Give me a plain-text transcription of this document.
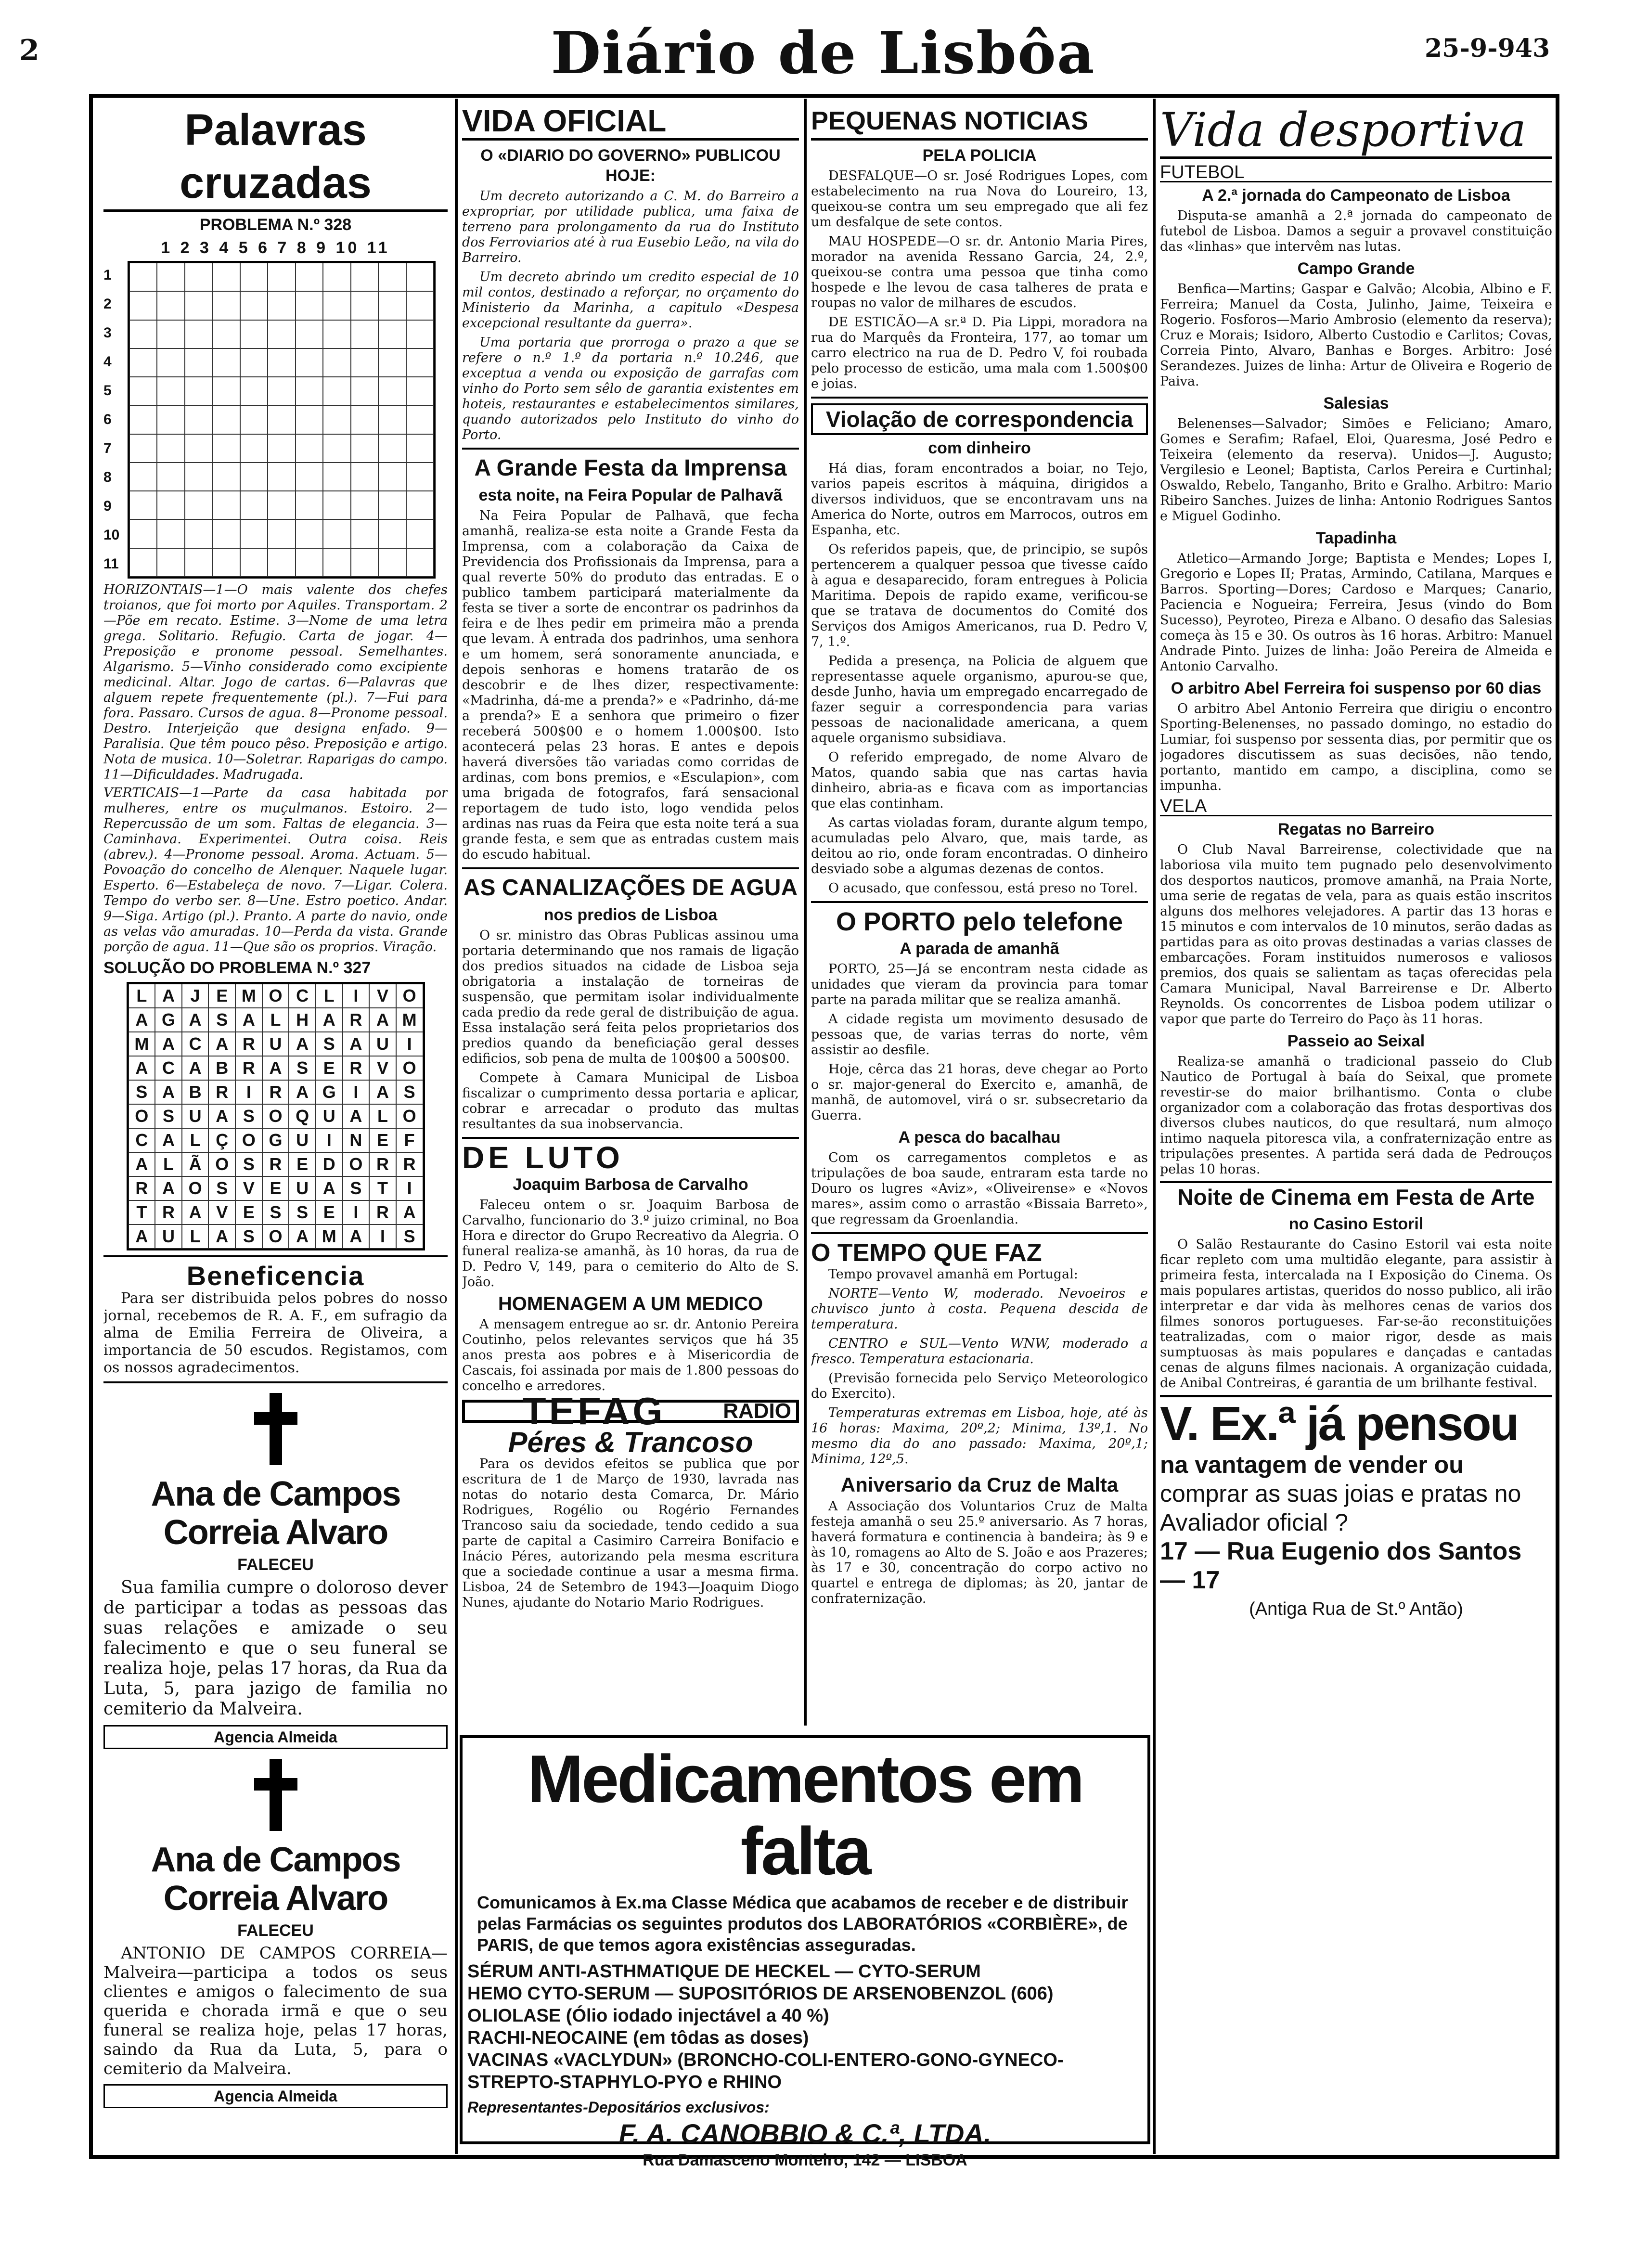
2	Diário de Lisbôa	25-9-943
Palavras cruzadas
PROBLEMA N.º 328
1 2 3 4 5 6 7 8 9 10 11
1
2
3
4
5
6
7
8
9
10
11
HORIZONTAIS—1—O mais valente dos chefes troianos, que foi morto por Aquiles. Transportam. 2—Põe em recato. Estime. 3—Nome de uma letra grega. Solitario. Refugio. Carta de jogar. 4—Preposição e pronome pessoal. Semelhantes. Algarismo. 5—Vinho considerado como excipiente medicinal. Altar. Jogo de cartas. 6—Palavras que alguem repete frequentemente (pl.). 7—Fui para fora. Passaro. Cursos de agua. 8—Pronome pessoal. Destro. Interjeição que designa enfado. 9—Paralisia. Que têm pouco pêso. Preposição e artigo. Nota de musica. 10—Soletrar. Raparigas do campo. 11—Dificuldades. Madrugada.
VERTICAIS—1—Parte da casa habitada por mulheres, entre os muçulmanos. Estoiro. 2—Repercussão de um som. Faltas de elegancia. 3—Caminhava. Experimentei. Outra coisa. Reis (abrev.). 4—Pronome pessoal. Aroma. Actuam. 5—Povoação do concelho de Alenquer. Naquele lugar. Esperto. 6—Estabeleça de novo. 7—Ligar. Colera. Tempo do verbo ser. 8—Une. Estro poetico. Andar. 9—Siga. Artigo (pl.). Pranto. A parte do navio, onde as velas vão amuradas. 10—Perda da vista. Grande porção de agua. 11—Que são os proprios. Viração.
SOLUÇÃO DO PROBLEMA N.º 327
L A J E M O C L	I	V O
A G A S A L H A R A M
M A C A R U A S A U	I
A C A B R A S E R V O
S A B R	I	R A G	I	A S
O S U A S O Q U A L O
C A L Ç O G U	I	N E F
A L Ã O S R E D O R R
R A O S V E U A S T	I
T R A V E S S E	I	R A
A U L A S O A M A	I	S
Beneficencia

Para ser distribuida pelos pobres do nosso jornal, recebemos de R. A. F., em sufragio da alma de Emilia Ferreira de Oliveira, a importancia de 50 escudos. Registamos, com os nossos agradecimentos.

Ana de Campos Correia Alvaro
FALECEU

Sua familia cumpre o doloroso dever de participar a todas as pessoas das suas relações e amizade o seu falecimento e que o seu funeral se realiza hoje, pelas 17 horas, da Rua da Luta, 5, para jazigo de familia no cemiterio da Malveira.

Agencia Almeida
Ana de Campos Correia Alvaro
FALECEU

ANTONIO DE CAMPOS CORREIA—Malveira—participa a todos os seus clientes e amigos o falecimento de sua querida e chorada irmã e que o seu funeral se realiza hoje, pelas 17 horas, saindo da Rua da Luta, 5, para o cemiterio da Malveira.

Agencia Almeida
VIDA OFICIAL
O «DIARIO DO GOVERNO» PUBLICOU HOJE:

Um decreto autorizando a C. M. do Barreiro a expropriar, por utilidade publica, uma faixa de terreno para prolongamento da rua do Instituto dos Ferroviarios até à rua Eusebio Leão, na vila do Barreiro.

Um decreto abrindo um credito especial de 10 mil contos, destinado a reforçar, no orçamento do Ministerio da Marinha, a capitulo «Despesa excepcional resultante da guerra».

Uma portaria que prorroga o prazo a que se refere o n.º 1.º da portaria n.º 10.246, que exceptua a venda ou exposição de garrafas com vinho do Porto sem sêlo de garantia existentes em hoteis, restaurantes e estabelecimentos similares, quando autorizados pelo Instituto do vinho do Porto.

A Grande Festa da Imprensa
esta noite, na Feira Popular de Palhavã

Na Feira Popular de Palhavã, que fecha amanhã, realiza-se esta noite a Grande Festa da Imprensa, com a colaboração da Caixa de Previdencia dos Profissionais da Imprensa, para a qual reverte 50% do produto das entradas. E o publico tambem participará materialmente da festa se tiver a sorte de encontrar os padrinhos da feira e de lhes pedir em primeira mão a prenda que levam. À entrada dos padrinhos, uma senhora e um homem, será sonoramente anunciada, e depois senhoras e homens tratarão de os descobrir e de lhes dizer, respectivamente: «Madrinha, dá-me a prenda?» e «Padrinho, dá-me a prenda?» E a senhora que primeiro o fizer receberá 500$00 e o homem 1.000$00. Isto acontecerá pelas 23 horas. E antes e depois haverá diversões tão variadas como corridas de ardinas, com bons premios, e «Esculapion», com uma brigada de fotografos, fará sensacional reportagem de tudo isto, logo vendida pelos ardinas nas ruas da Feira que esta noite terá a sua grande festa, e sem que as entradas custem mais do escudo habitual.

AS CANALIZAÇÕES DE AGUA
nos predios de Lisboa

O sr. ministro das Obras Publicas assinou uma portaria determinando que nos ramais de ligação dos predios situados na cidade de Lisboa seja obrigatoria a instalação de torneiras de suspensão, que permitam isolar individualmente cada predio da rede geral de distribuição de agua. Essa instalação será feita pelos proprietarios dos predios quando da beneficiação geral desses edificios, sob pena de multa de 100$00 a 500$00.

Compete à Camara Municipal de Lisboa fiscalizar o cumprimento dessa portaria e aplicar, cobrar e arrecadar o produto das multas resultantes da sua inobservancia.

DE LUTO
Joaquim Barbosa de Carvalho

Faleceu ontem o sr. Joaquim Barbosa de Carvalho, funcionario do 3.º juizo criminal, no Boa Hora e director do Grupo Recreativo da Alegria. O funeral realiza-se amanhã, às 10 horas, da rua de D. Pedro V, 149, para o cemiterio do Alto de S. João.

HOMENAGEM A UM MEDICO

A mensagem entregue ao sr. dr. Antonio Pereira Coutinho, pelos relevantes serviços que há 35 anos presta aos pobres e à Misericordia de Cascais, foi assinada por mais de 1.800 pessoas do concelho e arredores.

TEFAG	RADIO
Péres & Trancoso

Para os devidos efeitos se publica que por escritura de 1 de Março de 1930, lavrada nas notas do notario desta Comarca, Dr. Mário Rodrigues, Rogélio ou Rogério Fernandes Trancoso saiu da sociedade, tendo cedido a sua parte de capital a Casimiro Carreira Bonifacio e Inácio Péres, autorizando pela mesma escritura que a sociedade continue a usar a mesma firma. Lisboa, 24 de Setembro de 1943—Joaquim Diogo Nunes, ajudante do Notario Mario Rodrigues.

PEQUENAS NOTICIAS
PELA POLICIA

DESFALQUE—O sr. José Rodrigues Lopes, com estabelecimento na rua Nova do Loureiro, 13, queixou-se contra um seu empregado que ali fez um desfalque de sete contos.

MAU HOSPEDE—O sr. dr. Antonio Maria Pires, morador na avenida Ressano Garcia, 24, 2.º, queixou-se contra uma pessoa que tinha como hospede e lhe levou de casa talheres de prata e roupas no valor de milhares de escudos.

DE ESTICÃO—A sr.ª D. Pia Lippi, moradora na rua do Marquês da Fronteira, 177, ao tomar um carro electrico na rua de D. Pedro V, foi roubada pelo processo de esticão, uma mala com 1.500$00 e joias.

Violação de correspondencia
com dinheiro

Há dias, foram encontrados a boiar, no Tejo, varios papeis escritos à máquina, dirigidos a diversos individuos, que se encontravam uns na America do Norte, outros em Marrocos, outros em Espanha, etc.

Os referidos papeis, que, de principio, se supôs pertencerem a qualquer pessoa que tivesse caído à agua e desaparecido, foram entregues à Policia Maritima. Depois de rapido exame, verificou-se que se tratava de documentos do Comité dos Serviços dos Amigos Americanos, rua D. Pedro V, 7, 1.º.

Pedida a presença, na Policia de alguem que representasse aquele organismo, apurou-se que, desde Junho, havia um empregado encarregado de fazer seguir a correspondencia para varias pessoas de nacionalidade americana, a quem aquele organismo subsidiava.

O referido empregado, de nome Alvaro de Matos, quando sabia que nas cartas havia dinheiro, abria-as e ficava com as importancias que elas continham.

As cartas violadas foram, durante algum tempo, acumuladas pelo Alvaro, que, mais tarde, as deitou ao rio, onde foram encontradas. O dinheiro desviado sobe a algumas dezenas de contos.

O acusado, que confessou, está preso no Torel.

O PORTO pelo telefone
A parada de amanhã

PORTO, 25—Já se encontram nesta cidade as unidades que vieram da provincia para tomar parte na parada militar que se realiza amanhã.

A cidade regista um movimento desusado de pessoas que, de varias terras do norte, vêm assistir ao desfile.

Hoje, cêrca das 21 horas, deve chegar ao Porto o sr. major-general do Exercito e, amanhã, de manhã, de automovel, virá o sr. subsecretario da Guerra.

A pesca do bacalhau

Com os carregamentos completos e as tripulações de boa saude, entraram esta tarde no Douro os lugres «Aviz», «Oliveirense» e «Novos mares», assim como o arrastão «Bissaia Barreto», que regressam da Groenlandia.

O TEMPO QUE FAZ

Tempo provavel amanhã em Portugal:

NORTE—Vento W, moderado. Nevoeiros e chuvisco junto à costa. Pequena descida de temperatura.

CENTRO e SUL—Vento WNW, moderado a fresco. Temperatura estacionaria.

(Previsão fornecida pelo Serviço Meteorologico do Exercito).

Temperaturas extremas em Lisboa, hoje, até às 16 horas: Maxima, 20º,2; Minima, 13º,1. No mesmo dia do ano passado: Maxima, 20º,1; Minima, 12º,5.

Aniversario da Cruz de Malta

A Associação dos Voluntarios Cruz de Malta festeja amanhã o seu 25.º aniversario. As 7 horas, haverá formatura e continencia à bandeira; às 9 e às 10, romagens ao Alto de S. João e aos Prazeres; às 17 e 30, concentração do corpo activo no quartel e entrega de diplomas; às 20, jantar de confraternização.

Vida desportiva
FUTEBOL
A 2.ª jornada do Campeonato de Lisboa

Disputa-se amanhã a 2.ª jornada do campeonato de futebol de Lisboa. Damos a seguir a provavel constituição das «linhas» que intervêm nas lutas.

Campo Grande

Benfica—Martins; Gaspar e Galvão; Alcobia, Albino e F. Ferreira; Manuel da Costa, Julinho, Jaime, Teixeira e Rogerio. Fosforos—Mario Ambrosio (elemento da reserva); Cruz e Morais; Isidoro, Alberto Custodio e Carlitos; Covas, Correia Pinto, Alvaro, Banhas e Borges. Arbitro: José Serandezes. Juizes de linha: Artur de Oliveira e Rogerio de Paiva.

Salesias

Belenenses—Salvador; Simões e Feliciano; Amaro, Gomes e Serafim; Rafael, Eloi, Quaresma, José Pedro e Teixeira (elemento da reserva). Unidos—J. Augusto; Vergilesio e Leonel; Baptista, Carlos Pereira e Curtinhal; Oswaldo, Rebelo, Tanganho, Brito e Gralho. Arbitro: Mario Ribeiro Sanches. Juizes de linha: Antonio Rodrigues Santos e Miguel Godinho.

Tapadinha

Atletico—Armando Jorge; Baptista e Mendes; Lopes I, Gregorio e Lopes II; Pratas, Armindo, Catilana, Marques e Barros. Sporting—Dores; Cardoso e Marques; Canario, Paciencia e Nogueira; Ferreira, Jesus (vindo do Bom Sucesso), Peyroteo, Pireza e Albano. O desafio das Salesias começa às 15 e 30. Os outros às 16 horas. Arbitro: Manuel Andrade Pinto. Juizes de linha: João Pereira de Almeida e Antonio Carvalho.

O arbitro Abel Ferreira foi suspenso por 60 dias

O arbitro Abel Antonio Ferreira que dirigiu o encontro Sporting-Belenenses, no passado domingo, no estadio do Lumiar, foi suspenso por sessenta dias, por permitir que os jogadores discutissem as suas decisões, não tendo, portanto, mantido em campo, a disciplina, como se impunha.

VELA
Regatas no Barreiro

O Club Naval Barreirense, colectividade que na laboriosa vila muito tem pugnado pelo desenvolvimento dos desportos nauticos, promove amanhã, na Praia Norte, uma serie de regatas de vela, para as quais estão inscritos alguns dos melhores velejadores. A partir das 13 horas e 15 minutos e com intervalos de 10 minutos, serão dadas as partidas para as oito provas destinadas a varias classes de embarcações. Foram instituidos numerosos e valiosos premios, dos quais se salientam as taças oferecidas pela Camara Municipal, Naval Barreirense e Dr. Alberto Reynolds. Os concorrentes de Lisboa podem utilizar o vapor que parte do Terreiro do Paço às 11 horas.

Passeio ao Seixal

Realiza-se amanhã o tradicional passeio do Club Nautico de Portugal à baía do Seixal, que promete revestir-se do maior brilhantismo. Conta o clube organizador com a colaboração das frotas desportivas dos diversos clubes nauticos, do que resultará, num almoço intimo naquela pitoresca vila, a confraternização entre as tripulações presentes. A partida será dada de Pedrouços pelas 10 horas.

Noite de Cinema em Festa de Arte
no Casino Estoril

O Salão Restaurante do Casino Estoril vai esta noite ficar repleto com uma multidão elegante, para assistir à primeira festa, intercalada na I Exposição do Cinema. Os mais populares artistas, queridos do nosso publico, ali irão interpretar e dar vida às melhores cenas de varios dos filmes sonoros portugueses. Far-se-ão reconstituições teatralizadas, com o maior rigor, desde as mais sumptuosas às mais populares e dançadas e cantadas cenas de alguns filmes nacionais. A organização cuidada, de Anibal Contreiras, é garantia de um brilhante festival.

V. Ex.ª já pensou
na vantagem de vender ou
comprar as suas joias e pratas no Avaliador oficial ?
17 — Rua Eugenio dos Santos — 17
(Antiga Rua de St.º Antão)
Medicamentos em falta
Comunicamos à Ex.ma Classe Médica que acabamos de receber e de distribuir pelas Farmácias os seguintes produtos dos LABORATÓRIOS «CORBIÈRE», de PARIS, de que temos agora existências asseguradas.
SÉRUM ANTI-ASTHMATIQUE DE HECKEL — CYTO-SERUM
HEMO CYTO-SERUM — SUPOSITÓRIOS DE ARSENOBENZOL (606)
OLIOLASE (Ólio iodado injectável a 40 %)
RACHI-NEOCAINE (em tôdas as doses)
VACINAS «VACLYDUN» (BRONCHO-COLI-ENTERO-GONO-GYNECO-STREPTO-STAPHYLO-PYO e RHINO
Representantes-Depositários exclusivos:
F. A. CANOBBIO & C.ª, LTDA.
Rua Damasceno Monteiro, 142 — LISBOA
